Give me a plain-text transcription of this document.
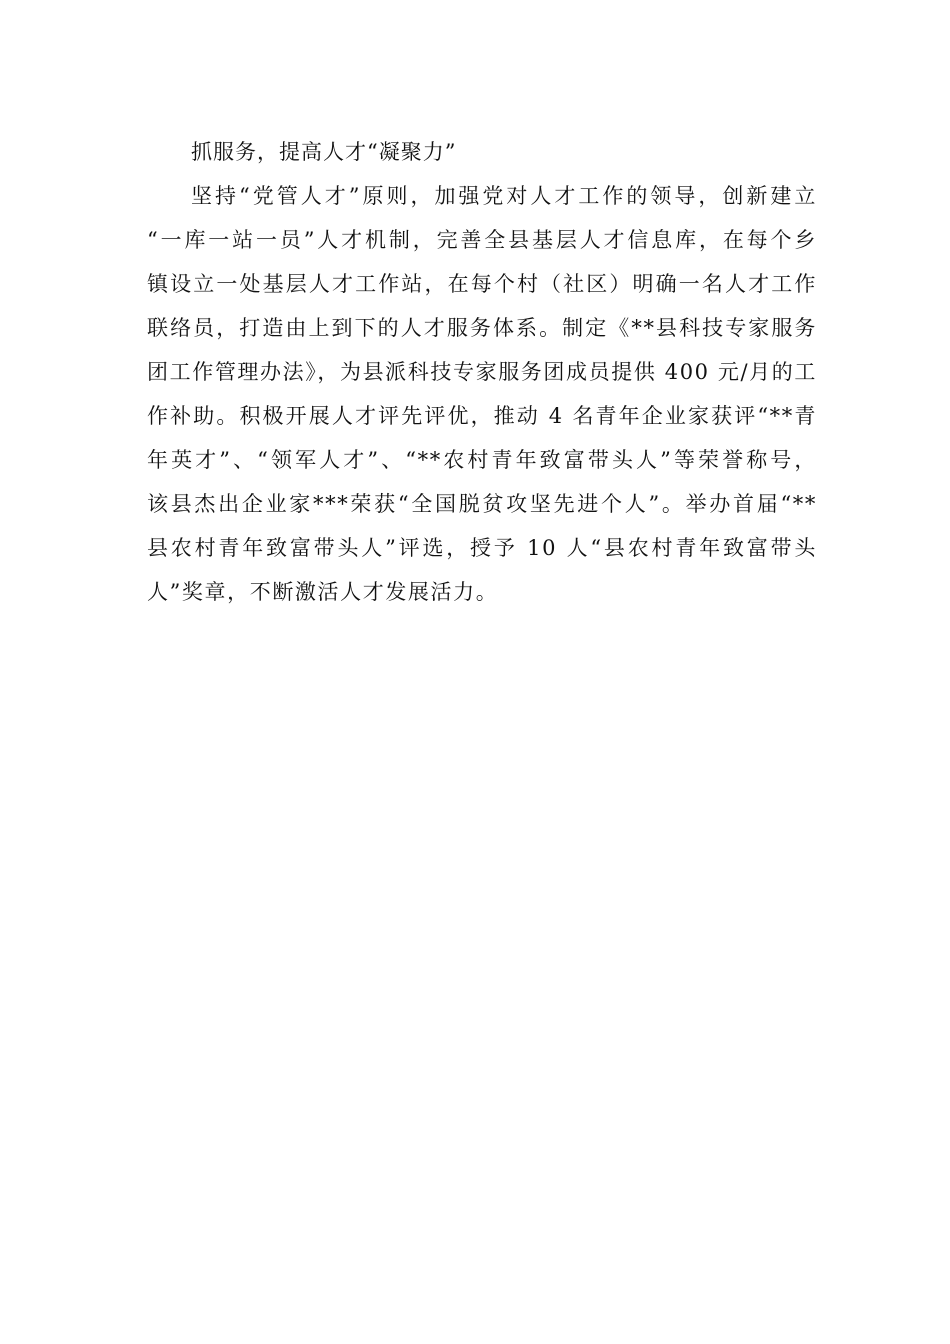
抓服务，提高人才“凝聚力”

坚持“党管人才”原则，加强党对人才工作的领导，创新建立

“一库一站一员”人才机制，完善全县基层人才信息库，在每个乡

镇设立一处基层人才工作站，在每个村（社区）明确一名人才工作

联络员，打造由上到下的人才服务体系。制定《**县科技专家服务

团工作管理办法》，为县派科技专家服务团成员提供 400 元/月的工

作补助。积极开展人才评先评优，推动 4 名青年企业家获评“**青

年英才”、“领军人才”、“**农村青年致富带头人”等荣誉称号，

该县杰出企业家***荣获“全国脱贫攻坚先进个人”。举办首届“**

县农村青年致富带头人”评选，授予 10 人“县农村青年致富带头

人”奖章，不断激活人才发展活力。
